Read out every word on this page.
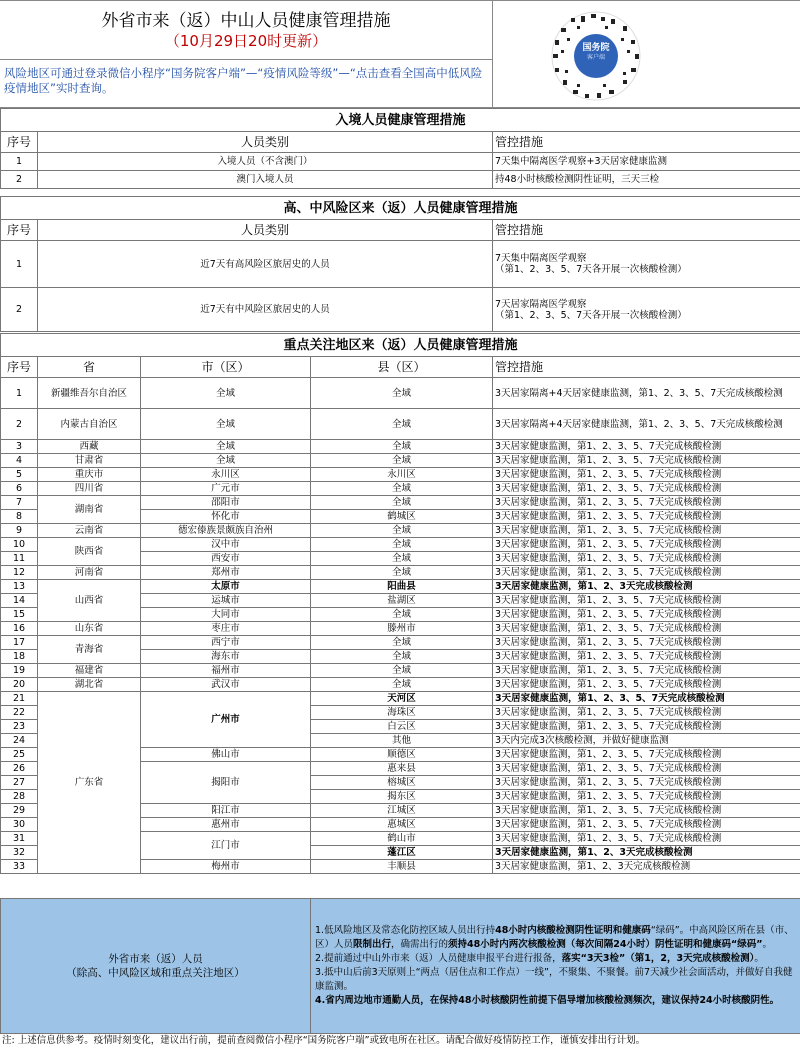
外省市来（返）中山人员健康管理措施
（10月29日20时更新）
风险地区可通过登录微信小程序“国务院客户端”—“疫情风险等级”—“点击查看全国高中低风险疫情地区”实时查询。
国务院
客户端
入境人员健康管理措施		
序号	人员类别	管控措施
1	入境人员（不含澳门）	7天集中隔离医学观察+3天居家健康监测
2	澳门入境人员	持48小时核酸检测阴性证明，三天三检
高、中风险区来（返）人员健康管理措施		
序号	人员类别	管控措施
1	近7天有高风险区旅居史的人员	7天集中隔离医学观察
（第1、2、3、5、7天各开展一次核酸检测）

2	近7天有中风险区旅居史的人员	7天居家隔离医学观察
（第1、2、3、5、7天各开展一次核酸检测）
重点关注地区来（返）人员健康管理措施				
序号	省	市（区）	县（区）	管控措施
1	新疆维吾尔自治区	全域	全域	3天居家隔离+4天居家健康监测，第1、2、3、5、7天完成核酸检测
2	内蒙古自治区	全域	全域	3天居家隔离+4天居家健康监测，第1、2、3、5、7天完成核酸检测
3	西藏	全域	全域	3天居家健康监测，第1、2、3、5、7天完成核酸检测
4	甘肃省	全域	全域	3天居家健康监测，第1、2、3、5、7天完成核酸检测
5	重庆市	永川区	永川区	3天居家健康监测，第1、2、3、5、7天完成核酸检测
6	四川省	广元市	全域	3天居家健康监测，第1、2、3、5、7天完成核酸检测
7	湖南省	邵阳市	全域	3天居家健康监测，第1、2、3、5、7天完成核酸检测
8		怀化市	鹤城区	3天居家健康监测，第1、2、3、5、7天完成核酸检测
9	云南省	德宏傣族景颇族自治州	全域	3天居家健康监测，第1、2、3、5、7天完成核酸检测
10	陕西省	汉中市	全域	3天居家健康监测，第1、2、3、5、7天完成核酸检测
11		西安市	全域	3天居家健康监测，第1、2、3、5、7天完成核酸检测
12	河南省	郑州市	全域	3天居家健康监测，第1、2、3、5、7天完成核酸检测
13	山西省	太原市	阳曲县	3天居家健康监测，第1、2、3天完成核酸检测
14		运城市	盐湖区	3天居家健康监测，第1、2、3、5、7天完成核酸检测
15		大同市	全域	3天居家健康监测，第1、2、3、5、7天完成核酸检测
16	山东省	枣庄市	滕州市	3天居家健康监测，第1、2、3、5、7天完成核酸检测
17	青海省	西宁市	全域	3天居家健康监测，第1、2、3、5、7天完成核酸检测
18		海东市	全域	3天居家健康监测，第1、2、3、5、7天完成核酸检测
19	福建省	福州市	全域	3天居家健康监测，第1、2、3、5、7天完成核酸检测
20	湖北省	武汉市	全域	3天居家健康监测，第1、2、3、5、7天完成核酸检测
21	广东省	广州市	天河区	3天居家健康监测，第1、2、3、5、7天完成核酸检测
22			海珠区	3天居家健康监测，第1、2、3、5、7天完成核酸检测
23			白云区	3天居家健康监测，第1、2、3、5、7天完成核酸检测
24			其他	3天内完成3次核酸检测，并做好健康监测
25		佛山市	顺德区	3天居家健康监测，第1、2、3、5、7天完成核酸检测
26		揭阳市	惠来县	3天居家健康监测，第1、2、3、5、7天完成核酸检测
27			榕城区	3天居家健康监测，第1、2、3、5、7天完成核酸检测
28			揭东区	3天居家健康监测，第1、2、3、5、7天完成核酸检测
29		阳江市	江城区	3天居家健康监测，第1、2、3、5、7天完成核酸检测
30		惠州市	惠城区	3天居家健康监测，第1、2、3、5、7天完成核酸检测
31		江门市	鹤山市	3天居家健康监测，第1、2、3、5、7天完成核酸检测
32			蓬江区	3天居家健康监测，第1、2、3天完成核酸检测
33		梅州市	丰顺县	3天居家健康监测，第1、2、3天完成核酸检测
外省市来（返）人员
（除高、中风险区域和重点关注地区）

1.低风险地区及常态化防控区域人员出行持48小时内核酸检测阴性证明和健康码“绿码”。中高风险区所在县（市、区）人员限制出行，确需出行的须持48小时内两次核酸检测（每次间隔24小时）阴性证明和健康码“绿码”。
2.提前通过中山外市来（返）人员健康申报平台进行报备，落实“3天3检”（第1，2，3天完成核酸检测）。
3.抵中山后前3天原则上“两点（居住点和工作点）一线”，不聚集、不聚餐。前7天减少社会面活动，并做好自我健康监测。
4.省内周边地市通勤人员，在保持48小时核酸阴性前提下倡导增加核酸检测频次，建议保持24小时核酸阴性。
注: 上述信息供参考。疫情时刻变化，建议出行前，提前查阅微信小程序“国务院客户端”或致电所在社区。请配合做好疫情防控工作，谨慎安排出行计划。
